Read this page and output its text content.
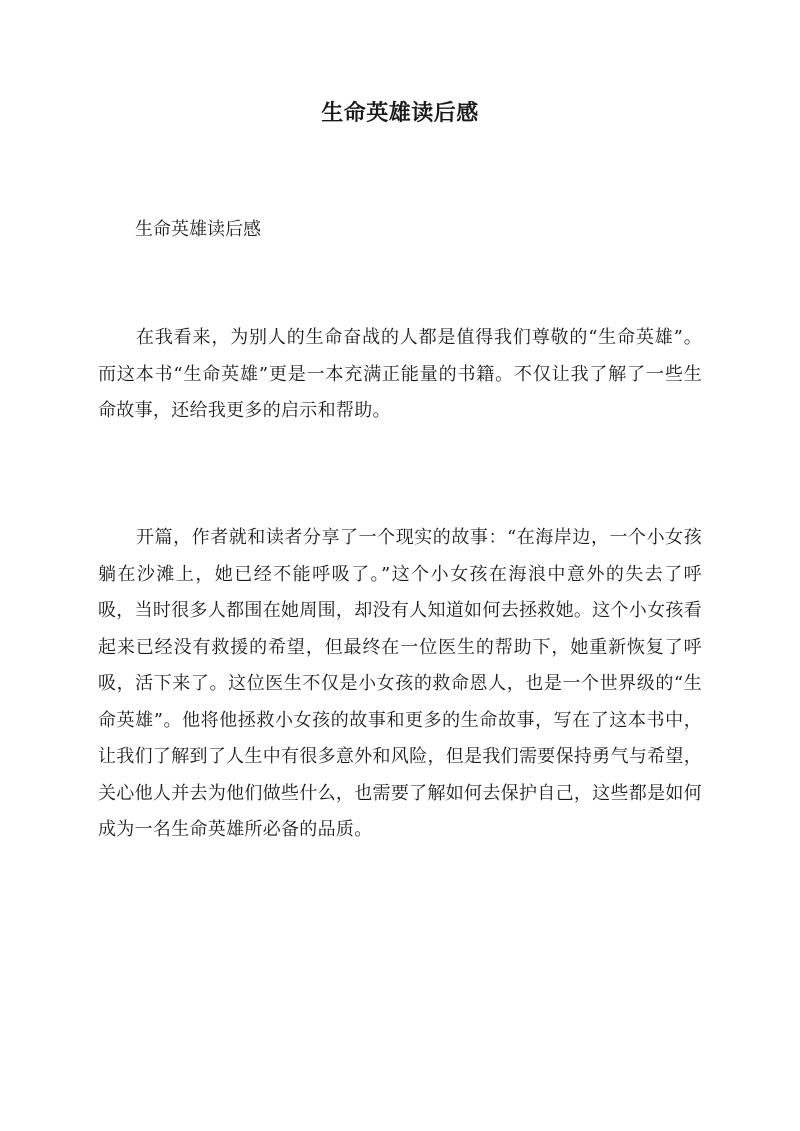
生命英雄读后感

生命英雄读后感

在我看来，为别人的生命奋战的人都是值得我们尊敬的“生命英雄”。而这本书“生命英雄”更是一本充满正能量的书籍。不仅让我了解了一些生命故事，还给我更多的启示和帮助。

开篇，作者就和读者分享了一个现实的故事：“在海岸边，一个小女孩躺在沙滩上，她已经不能呼吸了。”这个小女孩在海浪中意外的失去了呼吸，当时很多人都围在她周围，却没有人知道如何去拯救她。这个小女孩看起来已经没有救援的希望，但最终在一位医生的帮助下，她重新恢复了呼吸，活下来了。这位医生不仅是小女孩的救命恩人，也是一个世界级的“生命英雄”。他将他拯救小女孩的故事和更多的生命故事，写在了这本书中，让我们了解到了人生中有很多意外和风险，但是我们需要保持勇气与希望，关心他人并去为他们做些什么，也需要了解如何去保护自己，这些都是如何成为一名生命英雄所必备的品质。
